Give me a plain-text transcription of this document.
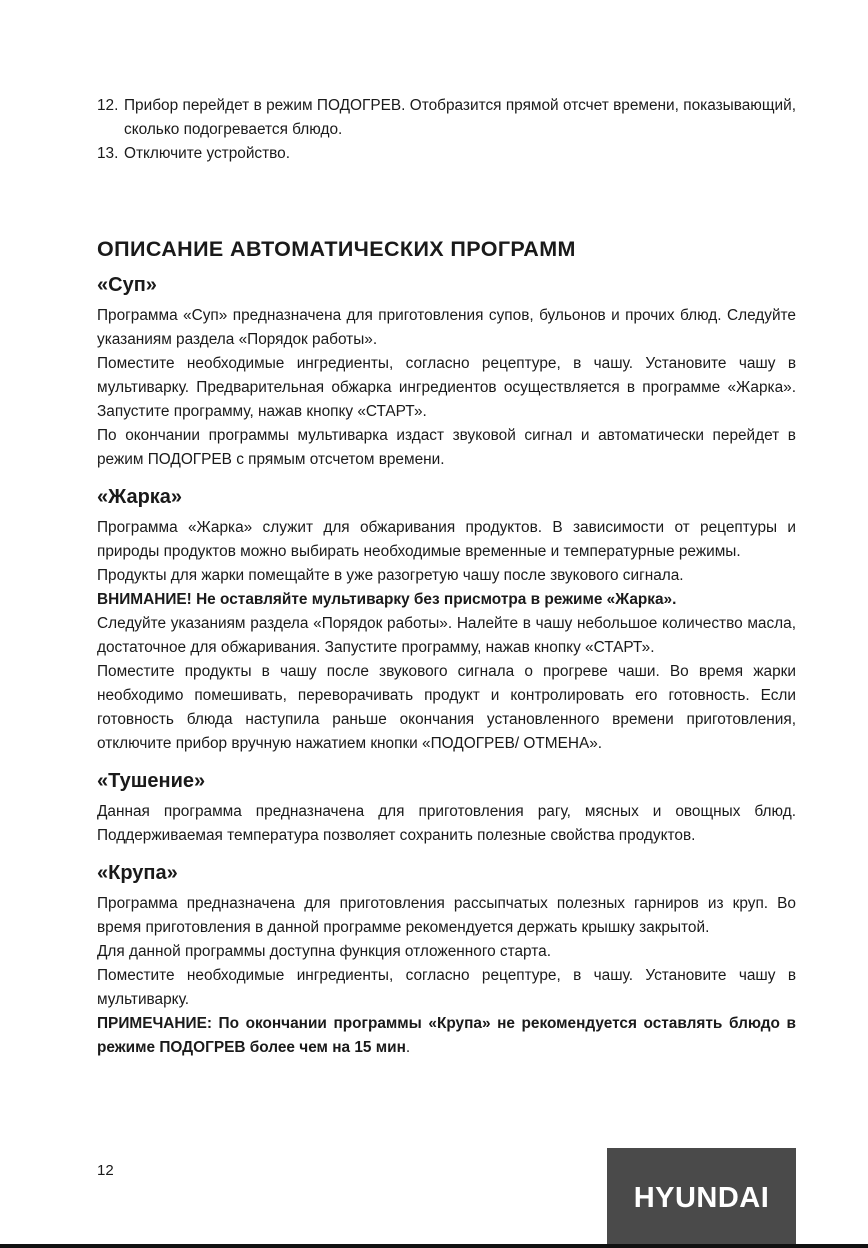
12. Прибор перейдет в режим ПОДОГРЕВ. Отобразится прямой отсчет времени, показывающий, сколько подогревается блюдо.
13. Отключите устройство.
ОПИСАНИЕ АВТОМАТИЧЕСКИХ ПРОГРАММ
«Суп»

Программа «Суп» предназначена для приготовления супов, бульонов и прочих блюд. Следуйте указаниям раздела «Порядок работы».

Поместите необходимые ингредиенты, согласно рецептуре, в чашу. Установите чашу в мультиварку. Предварительная обжарка ингредиентов осуществляется в программе «Жарка». Запустите программу, нажав кнопку «СТАРТ».

По окончании программы мультиварка издаст звуковой сигнал и автоматически перейдет в режим ПОДОГРЕВ с прямым отсчетом времени.

«Жарка»

Программа «Жарка» служит для обжаривания продуктов. В зависимости от рецептуры и природы продуктов можно выбирать необходимые временные и температурные режимы.

Продукты для жарки помещайте в уже разогретую чашу после звукового сигнала.

ВНИМАНИЕ! Не оставляйте мультиварку без присмотра в режиме «Жарка».

Следуйте указаниям раздела «Порядок работы». Налейте в чашу небольшое количество масла, достаточное для обжаривания. Запустите программу, нажав кнопку «СТАРТ».

Поместите продукты в чашу после звукового сигнала о прогреве чаши. Во время жарки необходимо помешивать, переворачивать продукт и контролировать его готовность. Если готовность блюда наступила раньше окончания установленного времени приготовления, отключите прибор вручную нажатием кнопки «ПОДОГРЕВ/ ОТМЕНА».

«Тушение»

Данная программа предназначена для приготовления рагу, мясных и овощных блюд. Поддерживаемая температура позволяет сохранить полезные свойства продуктов.

«Крупа»

Программа предназначена для приготовления рассыпчатых полезных гарниров из круп. Во время приготовления в данной программе рекомендуется держать крышку закрытой.

Для данной программы доступна функция отложенного старта.

Поместите необходимые ингредиенты, согласно рецептуре, в чашу. Установите чашу в мультиварку.

ПРИМЕЧАНИЕ: По окончании программы «Крупа» не рекомендуется оставлять блюдо в режиме ПОДОГРЕВ более чем на 15 мин.

12
HYUNDAI
